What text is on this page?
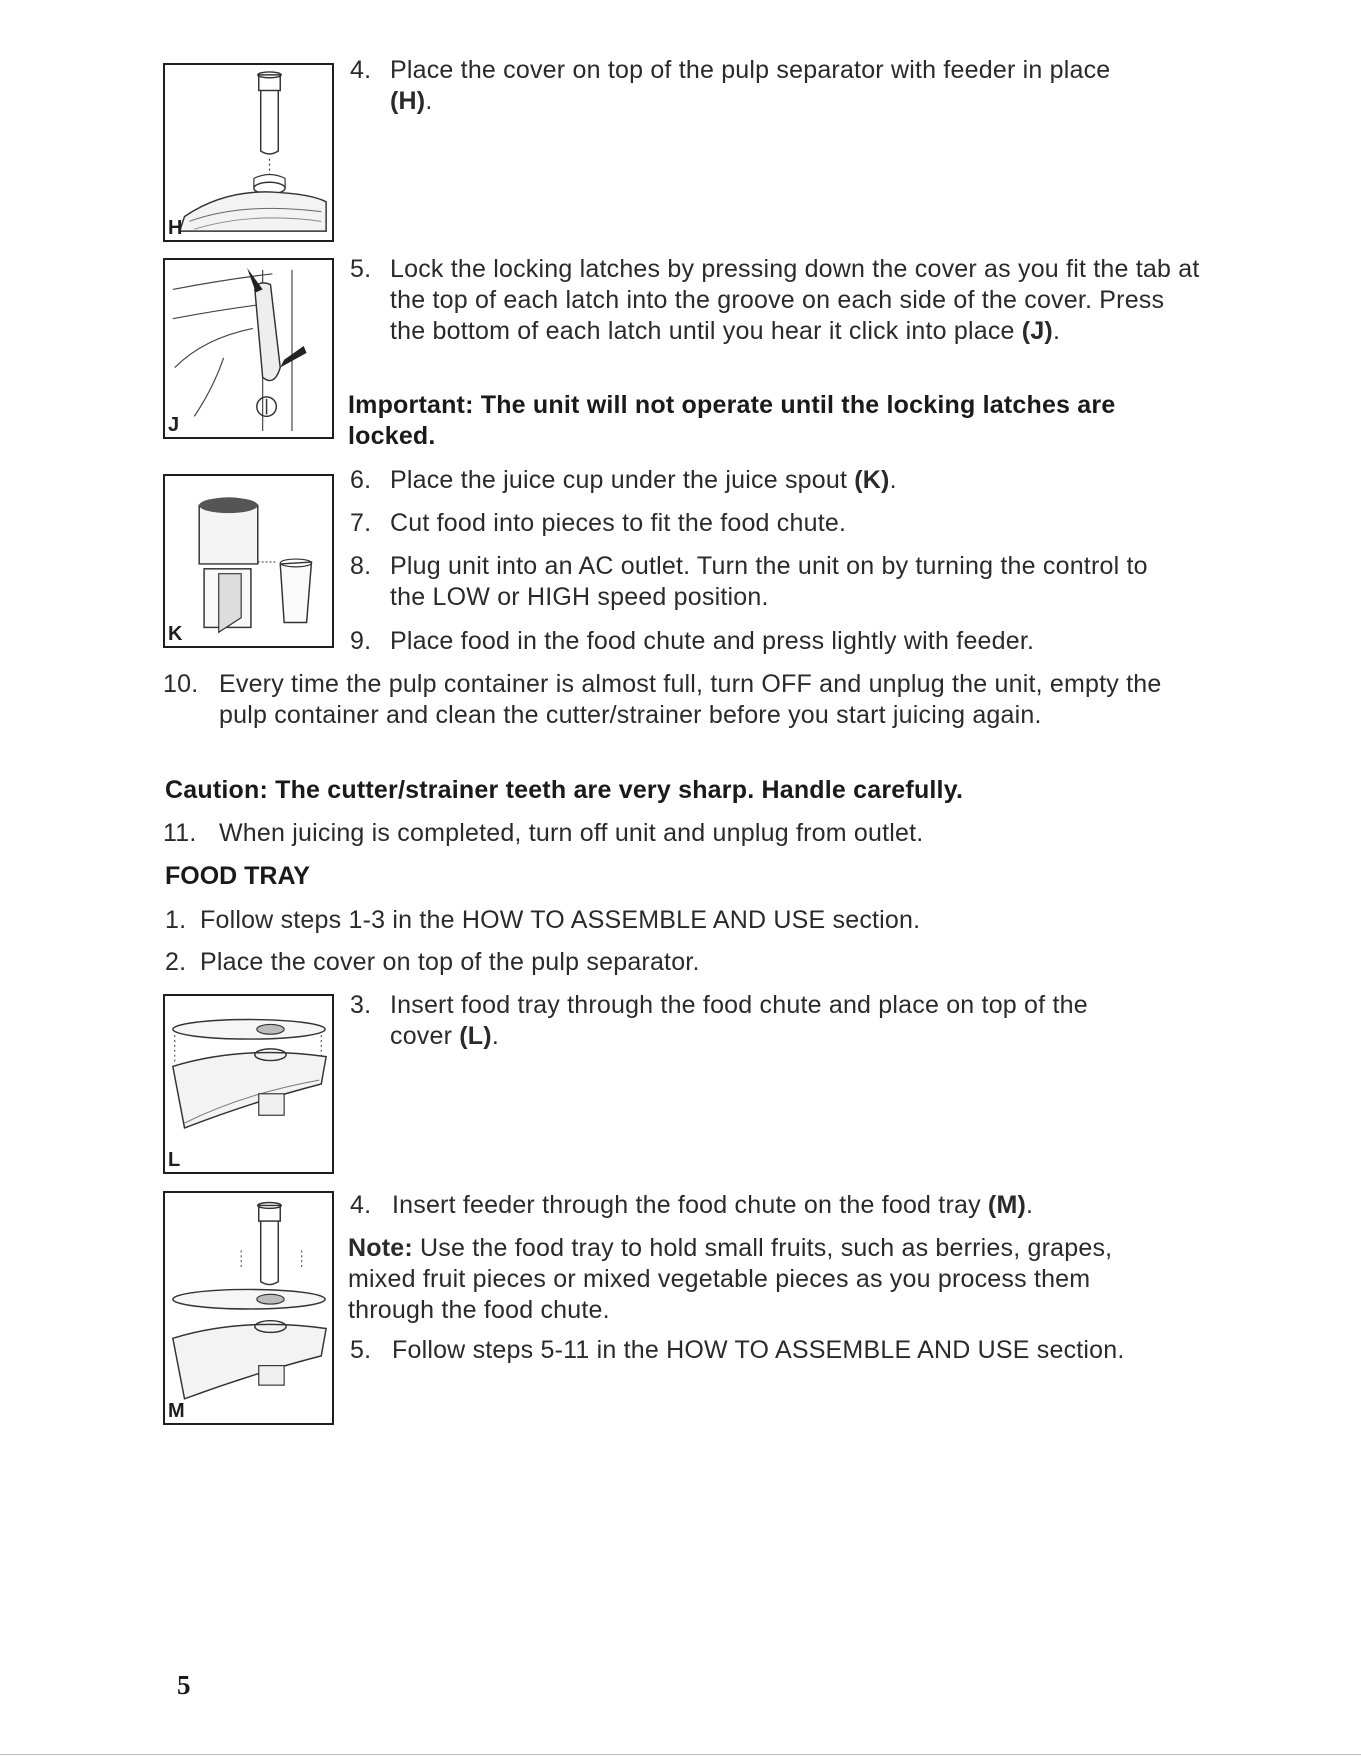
H
J
K
L
M
4. Place the cover on top of the pulp separator with feeder in place (H).
5. Lock the locking latches by pressing down the cover as you fit the tab at the top of each latch into the groove on each side of the cover. Press the bottom of each latch until you hear it click into place (J).
Important: The unit will not operate until the locking latches are locked.
6. Place the juice cup under the juice spout (K).
7. Cut food into pieces to fit the food chute.
8. Plug unit into an AC outlet. Turn the unit on by turning the control to the LOW or HIGH speed position.
9. Place food in the food chute and press lightly with feeder.
10. Every time the pulp container is almost full, turn OFF and unplug the unit, empty the pulp container and clean the cutter/strainer before you start juicing again.
Caution: The cutter/strainer teeth are very sharp. Handle carefully.
11. When juicing is completed, turn off unit and unplug from outlet.
FOOD TRAY
1. Follow steps 1-3 in the HOW TO ASSEMBLE AND USE section.
2. Place the cover on top of the pulp separator.
3. Insert food tray through the food chute and place on top of the cover (L).
4. Insert feeder through the food chute on the food tray (M).
Note: Use the food tray to hold small fruits, such as berries, grapes, mixed fruit pieces or mixed vegetable pieces as you process them through the food chute.
5. Follow steps 5-11 in the HOW TO ASSEMBLE AND USE section.
5
